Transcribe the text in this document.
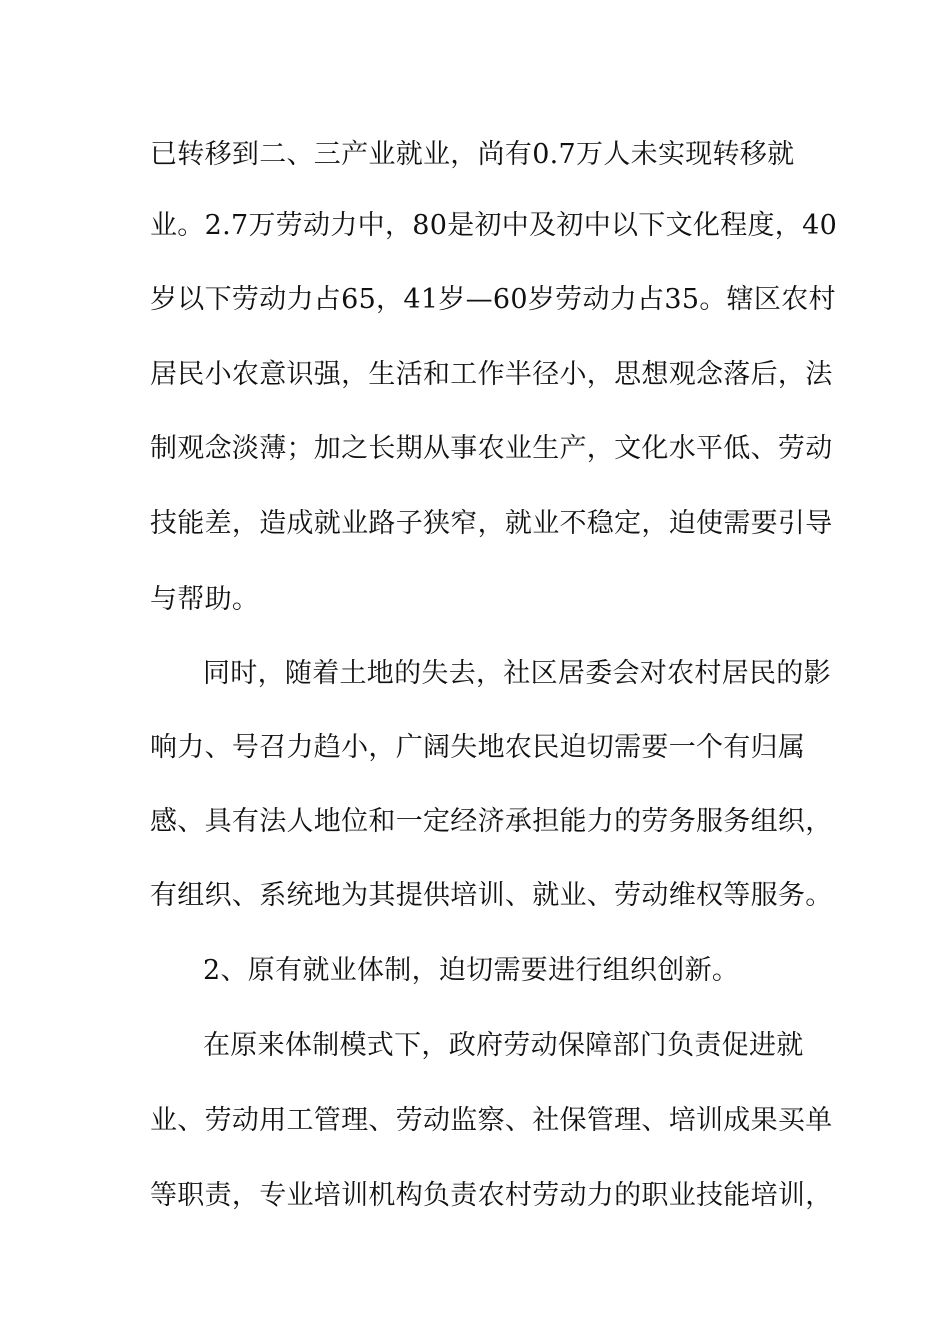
已转移到二、三产业就业，尚有0.7万人未实现转移就
业。2.7万劳动力中，80是初中及初中以下文化程度，40
岁以下劳动力占65，41岁—60岁劳动力占35。辖区农村
居民小农意识强，生活和工作半径小，思想观念落后，法
制观念淡薄；加之长期从事农业生产，文化水平低、劳动
技能差，造成就业路子狭窄，就业不稳定，迫使需要引导
与帮助。
同时，随着土地的失去，社区居委会对农村居民的影
响力、号召力趋小，广阔失地农民迫切需要一个有归属
感、具有法人地位和一定经济承担能力的劳务服务组织，
有组织、系统地为其提供培训、就业、劳动维权等服务。
2、原有就业体制，迫切需要进行组织创新。
在原来体制模式下，政府劳动保障部门负责促进就
业、劳动用工管理、劳动监察、社保管理、培训成果买单
等职责，专业培训机构负责农村劳动力的职业技能培训，
